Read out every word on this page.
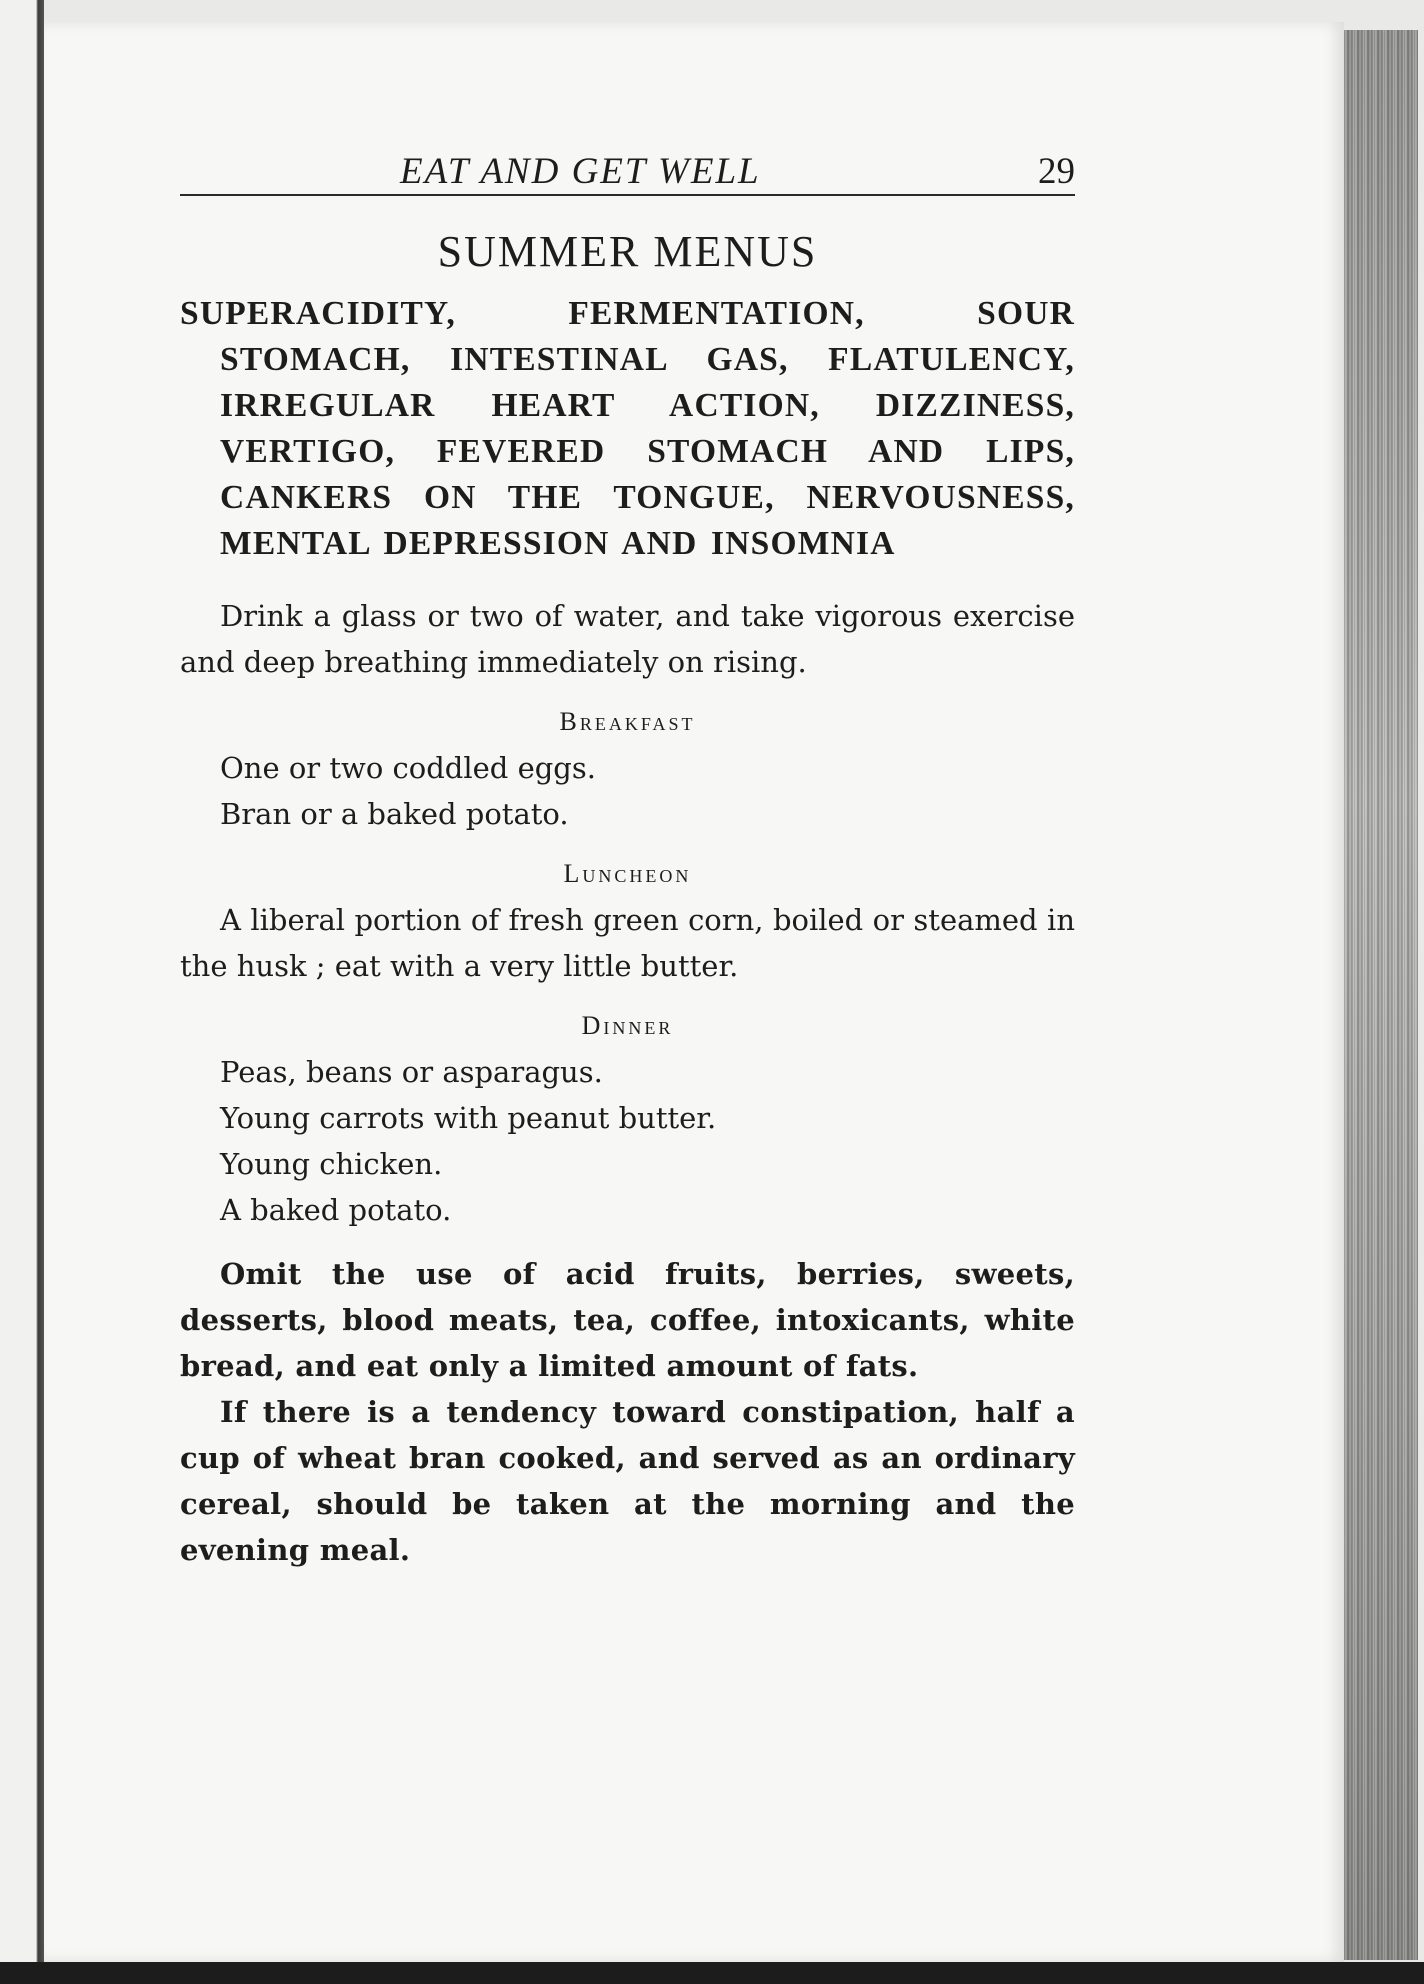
EAT AND GET WELL	29
SUMMER MENUS

SUPERACIDITY, FERMENTATION, SOUR STOMACH, INTESTINAL GAS, FLATULENCY, IRREGULAR HEART ACTION, DIZZINESS, VERTIGO, FEVERED STOMACH AND LIPS, CANKERS ON THE TONGUE, NERVOUSNESS, MENTAL DEPRESSION AND INSOMNIA

Drink a glass or two of water, and take vigorous exercise and deep breathing immediately on rising.

Breakfast

One or two coddled eggs.

Bran or a baked potato.

Luncheon

A liberal portion of fresh green corn, boiled or steamed in the husk ; eat with a very little butter.

Dinner

Peas, beans or asparagus.

Young carrots with peanut butter.

Young chicken.

A baked potato.

Omit the use of acid fruits, berries, sweets, desserts, blood meats, tea, coffee, intoxicants, white bread, and eat only a limited amount of fats.

If there is a tendency toward constipation, half a cup of wheat bran cooked, and served as an ordinary cereal, should be taken at the morning and the evening meal.
